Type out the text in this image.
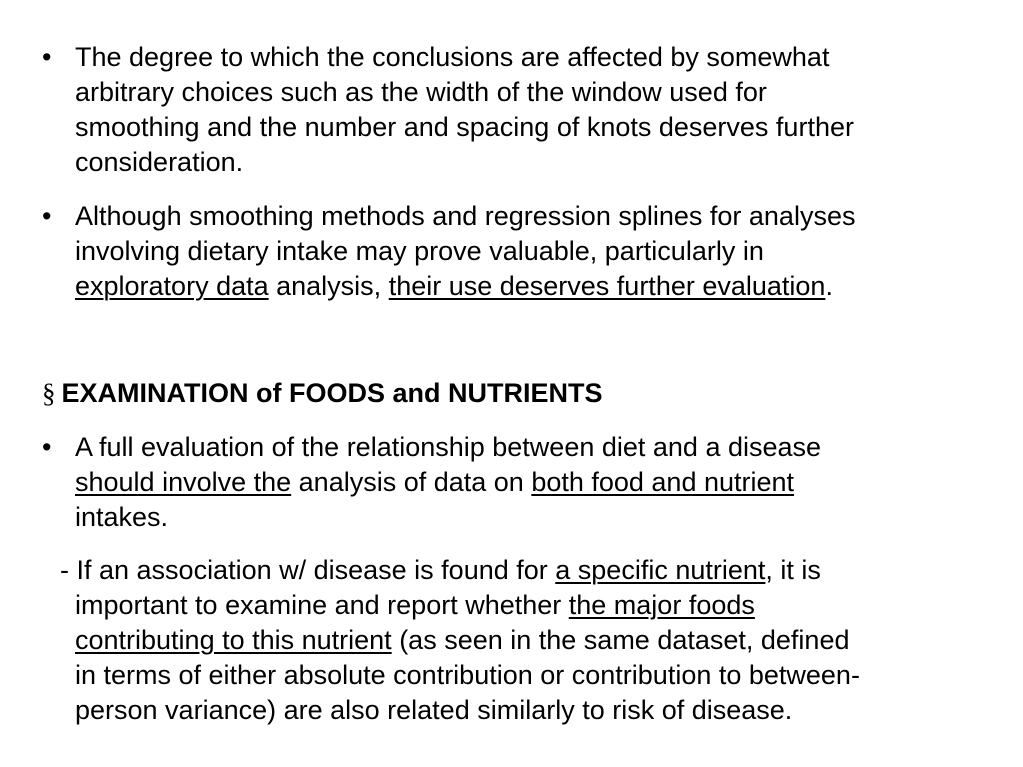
• The degree to which the conclusions are affected by somewhat
arbitrary choices such as the width of the window used for
smoothing and the number and spacing of knots deserves further
consideration.
• Although smoothing methods and regression splines for analyses
involving dietary intake may prove valuable, particularly in
exploratory data analysis, their use deserves further evaluation.
§ EXAMINATION of FOODS and NUTRIENTS
• A full evaluation of the relationship between diet and a disease
should involve the analysis of data on both food and nutrient
intakes.
- If an association w/ disease is found for a specific nutrient, it is
important to examine and report whether the major foods
contributing to this nutrient (as seen in the same dataset, defined
in terms of either absolute contribution or contribution to between-
person variance) are also related similarly to risk of disease.
